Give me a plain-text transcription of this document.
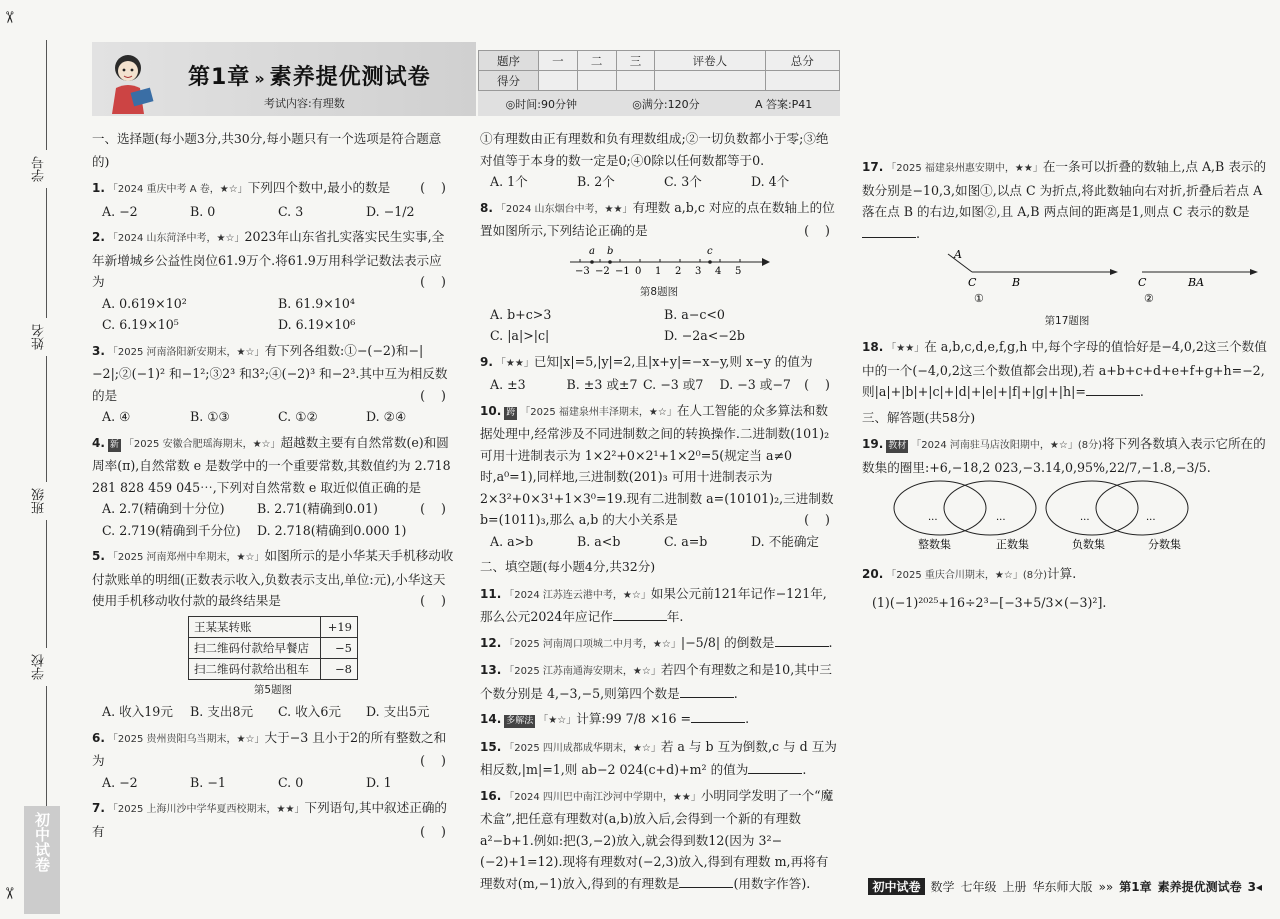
✂
学号
姓名
班级
学校
初中试卷
✂
第1章 » 素养提优测试卷
考试内容:有理数
题序	一	二	三	评卷人	总分
得分					
◎时间:90分钟	◎满分:120分	A 答案:P41
一、选择题(每小题3分,共30分,每小题只有一个选项是符合题意的)
(    )
1. 「2024 重庆中考 A 卷，★☆」下列四个数中,最小的数是
A. −2	B. 0	C. 3	D. −1/2
2. 「2024 山东菏泽中考，★☆」2023年山东省扎实落实民生实事,全年新增城乡公益性岗位61.9万个.将61.9万用科学记数法表示应为	(    )
A. 0.619×10²	B. 61.9×10⁴
C. 6.19×10⁵	D. 6.19×10⁶
3. 「2025 河南洛阳新安期末，★☆」有下列各组数:①−(−2)和−|−2|;②(−1)² 和−1²;③2³ 和3²;④(−2)³ 和−2³.其中互为相反数的是	(    )
A. ④	B. ①③	C. ①②	D. ②④
4. 新 「2025 安徽合肥瑶海期末，★☆」超越数主要有自然常数(e)和圆周率(π),自然常数 e 是数学中的一个重要常数,其数值约为 2.718 281 828 459 045⋯,下列对自然常数 e 取近似值正确的是
(    )
A. 2.7(精确到十分位)	B. 2.71(精确到0.01)
C. 2.719(精确到千分位)	D. 2.718(精确到0.000 1)
5. 「2025 河南郑州中牟期末，★☆」如图所示的是小华某天手机移动收付款账单的明细(正数表示收入,负数表示支出,单位:元),小华这天使用手机移动收付款的最终结果是	(    )
王某某转账	+19
扫二维码付款给早餐店	−5
扫二维码付款给出租车	−8
第5题图
A. 收入19元	B. 支出8元	C. 收入6元	D. 支出5元
6. 「2025 贵州贵阳乌当期末，★☆」大于−3 且小于2的所有整数之和为	(    )
A. −2	B. −1	C. 0	D. 1
7. 「2025 上海川沙中学华夏西校期末，★★」下列语句,其中叙述正确的有	(    )
①有理数由正有理数和负有理数组成;②一切负数都小于零;③绝对值等于本身的数一定是0;④0除以任何数都等于0.
A. 1个	B. 2个	C. 3个	D. 4个
8. 「2024 山东烟台中考，★★」有理数 a,b,c 对应的点在数轴上的位置如图所示,下列结论正确的是	(    )

−3 −2 −1 0 1 2 3 4 5
a b	c
第8题图
A. b+c>3	B. a−c<0
C. |a|>|c|	D. −2a<−2b
9. 「★★」已知|x|=5,|y|=2,且|x+y|=−x−y,则 x−y 的值为
(    )
A. ±3	B. ±3 或±7 C. −3 或7	D. −3 或−7
10. 跨 「2025 福建泉州丰泽期末，★☆」在人工智能的众多算法和数据处理中,经常涉及不同进制数之间的转换操作.二进制数(101)₂ 可用十进制表示为 1×2²+0×2¹+1×2⁰=5(规定当 a≠0 时,a⁰=1),同样地,三进制数(201)₃ 可用十进制表示为 2×3²+0×3¹+1×3⁰=19.现有二进制数 a=(10101)₂,三进制数 b=(1011)₃,那么 a,b 的大小关系是	(    )
A. a>b	B. a<b	C. a=b	D. 不能确定
二、填空题(每小题4分,共32分)
11. 「2024 江苏连云港中考，★☆」如果公元前121年记作−121年,那么公元2024年应记作	年.
12. 「2025 河南周口项城二中月考，★☆」|−5/8| 的倒数是	.
13. 「2025 江苏南通海安期末，★☆」若四个有理数之和是10,其中三个数分别是 4,−3,−5,则第四个数是	.
14. 多解法 「★☆」计算:99 7/8 ×16 =	.
15. 「2025 四川成都成华期末，★☆」若 a 与 b 互为倒数,c 与 d 互为相反数,|m|=1,则 ab−2 024(c+d)+m² 的值为	.
16. 「2024 四川巴中南江沙河中学期中，★★」小明同学发明了一个“魔术盒”,把任意有理数对(a,b)放入后,会得到一个新的有理数 a²−b+1.例如:把(3,−2)放入,就会得到数12(因为 3²−(−2)+1=12).现将有理数对(−2,3)放入,得到有理数 m,再将有理数对(m,−1)放入,得到的有理数是	(用数字作答).
17. 「2025 福建泉州惠安期中，★★」在一条可以折叠的数轴上,点 A,B 表示的数分别是−10,3,如图①,以点 C 为折点,将此数轴向右对折,折叠后若点 A 落在点 B 的右边,如图②,且 A,B 两点间的距离是1,则点 C 表示的数是.
A
C	B
①
C	BA
②
第17题图
18. 「★★」在 a,b,c,d,e,f,g,h 中,每个字母的值恰好是−4,0,2这三个数值中的一个(−4,0,2这三个数值都会出现),若 a+b+c+d+e+f+g+h=−2,则|a|+|b|+|c|+|d|+|e|+|f|+|g|+|h|=	.
三、解答题(共58分)
19. 教材 「2024 河南驻马店汝阳期中，★☆」(8分)将下列各数填入表示它所在的数集的圈里:+6,−18,2 023,−3.14,0,95%,22/7,−1.8,−3/5.
...	...	...	...
整数集	正数集	负数集	分数集
20. 「2025 重庆合川期末，★☆」(8分)计算.
(1)(−1)²⁰²⁵+16÷2³−[−3+5/3×(−3)²].
初中试卷 数学 七年级 上册 华东师大版 »» 第1章 素养提优测试卷 3◂
